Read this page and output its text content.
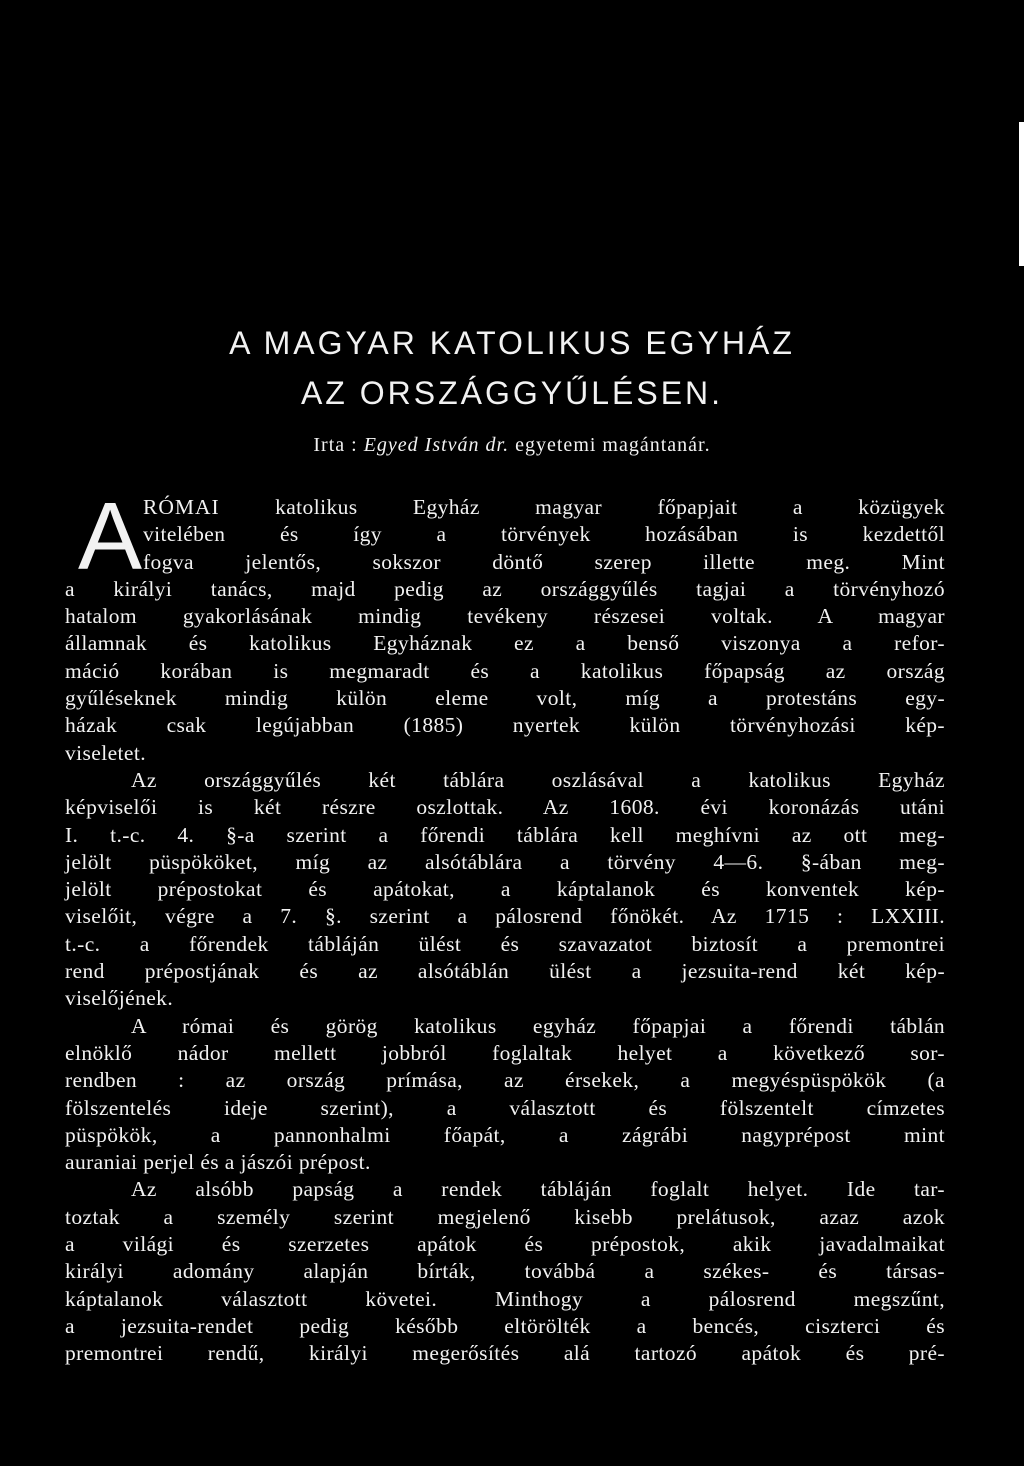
A MAGYAR KATOLIKUS EGYHÁZ
AZ ORSZÁGGYŰLÉSEN.
Irta : Egyed István dr. egyetemi magántanár.
A RÓMAI	katolikus Egyház magyar főpapjait a közügyek
vitelében és így a törvények hozásában is kezdettől
fogva jelentős, sokszor döntő szerep illette meg. Mint
a királyi tanács, majd pedig az országgyűlés tagjai a törvényhozó
hatalom gyakorlásának mindig tevékeny részesei voltak. A magyar
államnak és katolikus Egyháznak ez a benső viszonya a refor-
máció korában is megmaradt és a katolikus főpapság az ország
gyűléseknek mindig külön eleme volt, míg a protestáns egy-
házak csak legújabban (1885) nyertek külön törvényhozási kép-
viseletet.
Az országgyűlés két táblára oszlásával a katolikus Egyház
képviselői is két részre oszlottak. Az 1608. évi koronázás utáni
I. t.-c. 4. §-a szerint a főrendi táblára kell meghívni az ott meg-
jelölt püspököket, míg az alsótáblára a törvény 4—6. §-ában meg-
jelölt prépostokat és apátokat, a káptalanok és konventek kép-
viselőit, végre a 7. §. szerint a pálosrend főnökét. Az 1715 : LXXIII.
t.-c. a főrendek tábláján ülést és szavazatot biztosít a premontrei
rend prépostjának és az alsótáblán ülést a jezsuita-rend két kép-
viselőjének.
A római és görög katolikus egyház főpapjai a főrendi táblán
elnöklő nádor mellett jobbról foglaltak helyet a következő sor-
rendben : az ország prímása, az érsekek, a megyéspüspökök (a
fölszentelés ideje szerint), a választott és fölszentelt címzetes
püspökök, a pannonhalmi főapát, a zágrábi nagyprépost mint
auraniai perjel és a jászói prépost.
Az alsóbb papság a rendek tábláján foglalt helyet. Ide tar-
toztak a személy szerint megjelenő kisebb prelátusok, azaz azok
a világi és szerzetes apátok és prépostok, akik javadalmaikat
királyi adomány alapján bírták, továbbá a székes- és társas-
káptalanok választott követei. Minthogy a pálosrend megszűnt,
a jezsuita-rendet pedig később eltörölték a bencés, ciszterci és
premontrei rendű, királyi megerősítés alá tartozó apátok és pré-
